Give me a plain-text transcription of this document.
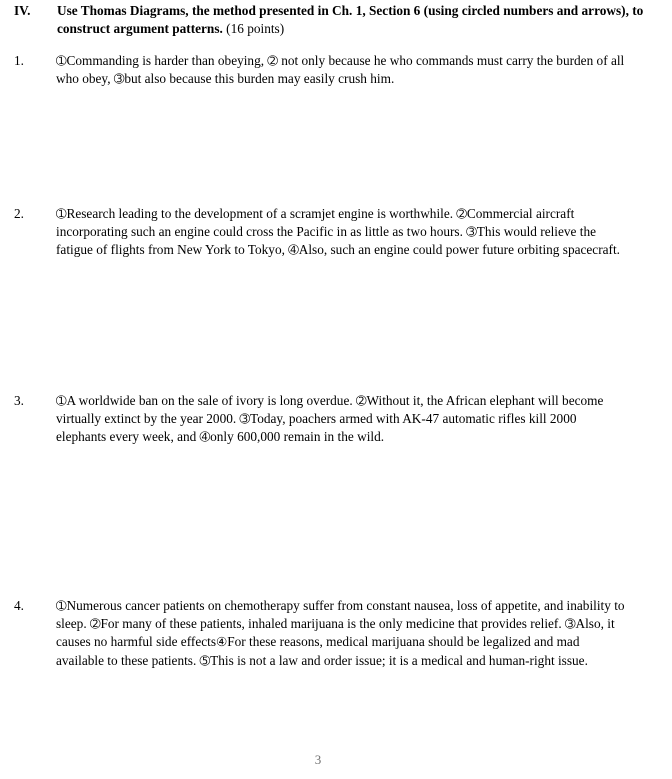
IV. Use Thomas Diagrams, the method presented in Ch. 1, Section 6 (using circled numbers and arrows), to construct argument patterns. (16 points)
1.	➀Commanding is harder than obeying, ➁ not only because he who commands must carry the burden of all who obey, ➂but also because this burden may easily crush him.
2.	➀Research leading to the development of a scramjet engine is worthwhile. ➁Commercial aircraft incorporating such an engine could cross the Pacific in as little as two hours. ➂This would relieve the fatigue of flights from New York to Tokyo, ➃Also, such an engine could power future orbiting spacecraft.
3.	➀A worldwide ban on the sale of ivory is long overdue. ➁Without it, the African elephant will become virtually extinct by the year 2000. ➂Today, poachers armed with AK-47 automatic rifles kill 2000 elephants every week, and ➃only 600,000 remain in the wild.
4.	➀Numerous cancer patients on chemotherapy suffer from constant nausea, loss of appetite, and inability to sleep. ➁For many of these patients, inhaled marijuana is the only medicine that provides relief. ➂Also, it causes no harmful side effects④For these reasons, medical marijuana should be legalized and mad available to these patients. ➄This is not a law and order issue; it is a medical and human-right issue.
3
